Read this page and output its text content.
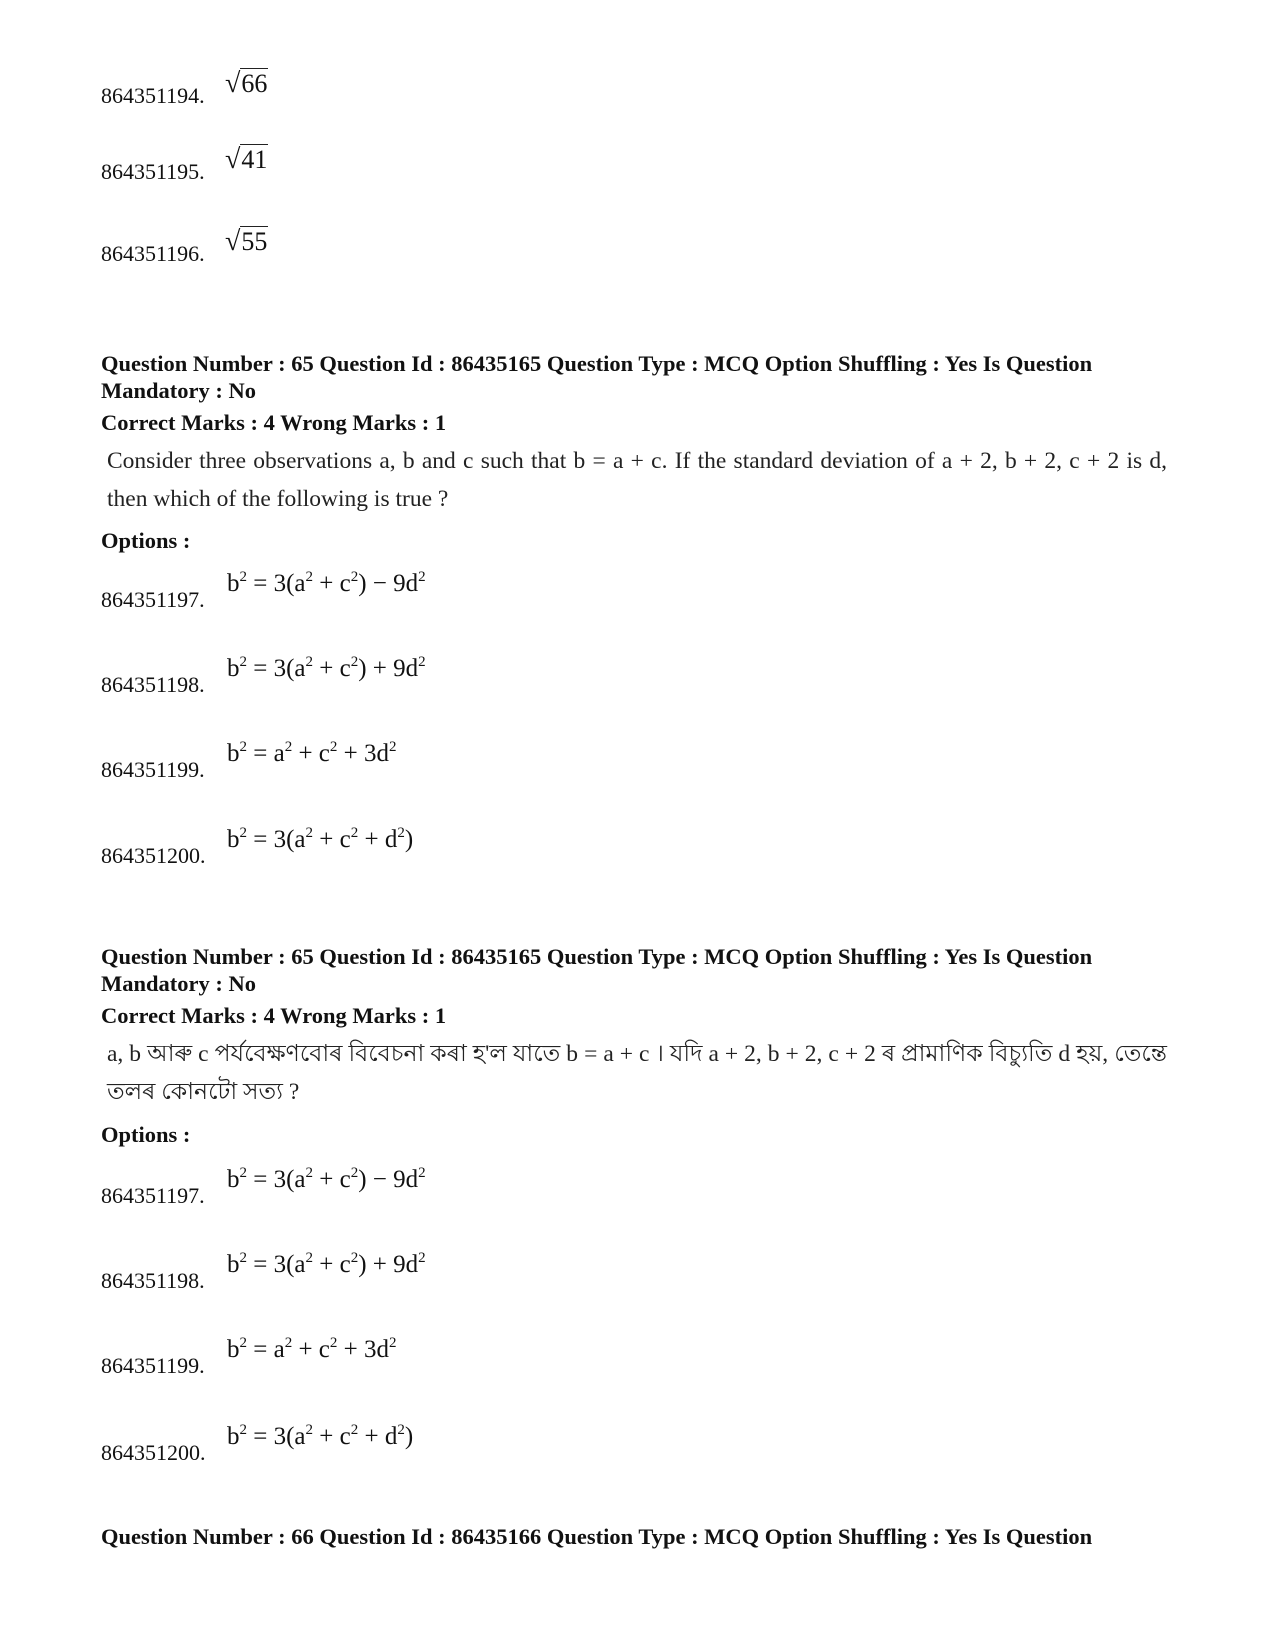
864351194. √66
864351195. √41
864351196. √55
Question Number : 65 Question Id : 86435165 Question Type : MCQ Option Shuffling : Yes Is Question Mandatory : No
Correct Marks : 4 Wrong Marks : 1
Consider three observations a, b and c such that b = a + c. If the standard deviation of a + 2, b + 2, c + 2 is d, then which of the following is true ?
Options :
864351197.
$b^2 = 3(a^2 + c^2) - 9d^2$
864351198.
$b^2 = 3(a^2 + c^2) + 9d^2$
864351199.
$b^2 = a^2 + c^2 + 3d^2$
864351200.
$b^2 = 3(a^2 + c^2 + d^2)$
Question Number : 65 Question Id : 86435165 Question Type : MCQ Option Shuffling : Yes Is Question Mandatory : No
Correct Marks : 4 Wrong Marks : 1
a, b আৰু c পৰ্যবেক্ষণবোৰ বিবেচনা কৰা হ'ল যাতে b = a + c । যদি a + 2, b + 2, c + 2 ৰ প্ৰামাণিক বিচ্যুতি d হয়, তেন্তে তলৰ কোনটো সত্য ?
Options :
864351197.
$b^2 = 3(a^2 + c^2) - 9d^2$
864351198.
$b^2 = 3(a^2 + c^2) + 9d^2$
864351199.
$b^2 = a^2 + c^2 + 3d^2$
864351200.
$b^2 = 3(a^2 + c^2 + d^2)$
Question Number : 66 Question Id : 86435166 Question Type : MCQ Option Shuffling : Yes Is Question
